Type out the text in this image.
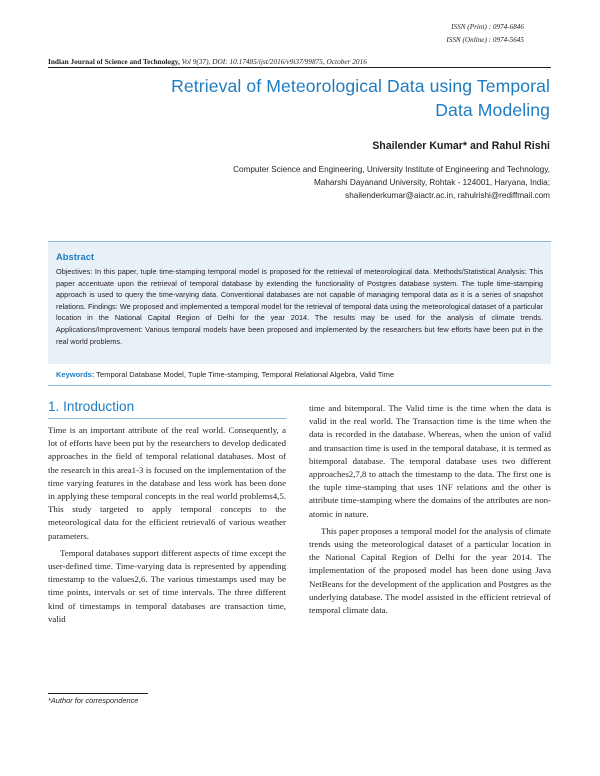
ISSN (Print) : 0974-6846
ISSN (Online) : 0974-5645
Indian Journal of Science and Technology, Vol 9(37), DOI: 10.17485/ijst/2016/v9i37/99875, October 2016
Retrieval of Meteorological Data using Temporal
Data Modeling
Shailender Kumar* and Rahul Rishi
Computer Science and Engineering, University Institute of Engineering and Technology,
Maharshi Dayanand University, Rohtak - 124001, Haryana, India;
shailenderkumar@aiactr.ac.in, rahulrishi@rediffmail.com
Abstract
Objectives: In this paper, tuple time-stamping temporal model is proposed for the retrieval of meteorological data. Methods/Statistical Analysis: This paper accentuate upon the retrieval of temporal database by extending the functionality of Postgres database system. The tuple time-stamping approach is used to query the time-varying data. Conventional databases are not capable of managing temporal data as it is a series of snapshot relations. Findings: We proposed and implemented a temporal model for the retrieval of temporal data using the meteorological dataset of a particular location in the National Capital Region of Delhi for the year 2014. The results may be used for the analysis of climate trends. Applications/Improvement: Various temporal models have been proposed and implemented by the researchers but few efforts have been put in the real world problems.
Keywords: Temporal Database Model, Tuple Time-stamping, Temporal Relational Algebra, Valid Time
1. Introduction

Time is an important attribute of the real world. Consequently, a lot of efforts have been put by the researchers to develop dedicated approaches in the field of temporal relational databases. Most of the research in this area1-3 is focused on the implementation of the time varying features in the database and less work has been done in applying these temporal concepts in the real world problems4,5. This study targeted to apply temporal concepts to the meteorological data for the efficient retrieval6 of various weather parameters.

Temporal databases support different aspects of time except the user-defined time. Time-varying data is represented by appending timestamp to the values2,6. The various timestamps used may be time points, intervals or set of time intervals. The three different kind of timestamps in temporal databases are transaction time, valid

time and bitemporal. The Valid time is the time when the data is valid in the real world. The Transaction time is the time when the data is recorded in the database. Whereas, when the union of valid and transaction time is used in the temporal database, it is termed as bitemporal database. The temporal database uses two different approaches2,7,8 to attach the timestamp to the data. The first one is the tuple time-stamping that uses 1NF relations and the other is attribute time-stamping where the domains of the attributes are non-atomic in nature.

This paper proposes a temporal model for the analysis of climate trends using the meteorological dataset of a particular location in the National Capital Region of Delhi for the year 2014. The implementation of the proposed model has been done using Java NetBeans for the development of the application and Postgres as the underlying database. The model assisted in the efficient retrieval of temporal climate data.

*Author for correspondence
